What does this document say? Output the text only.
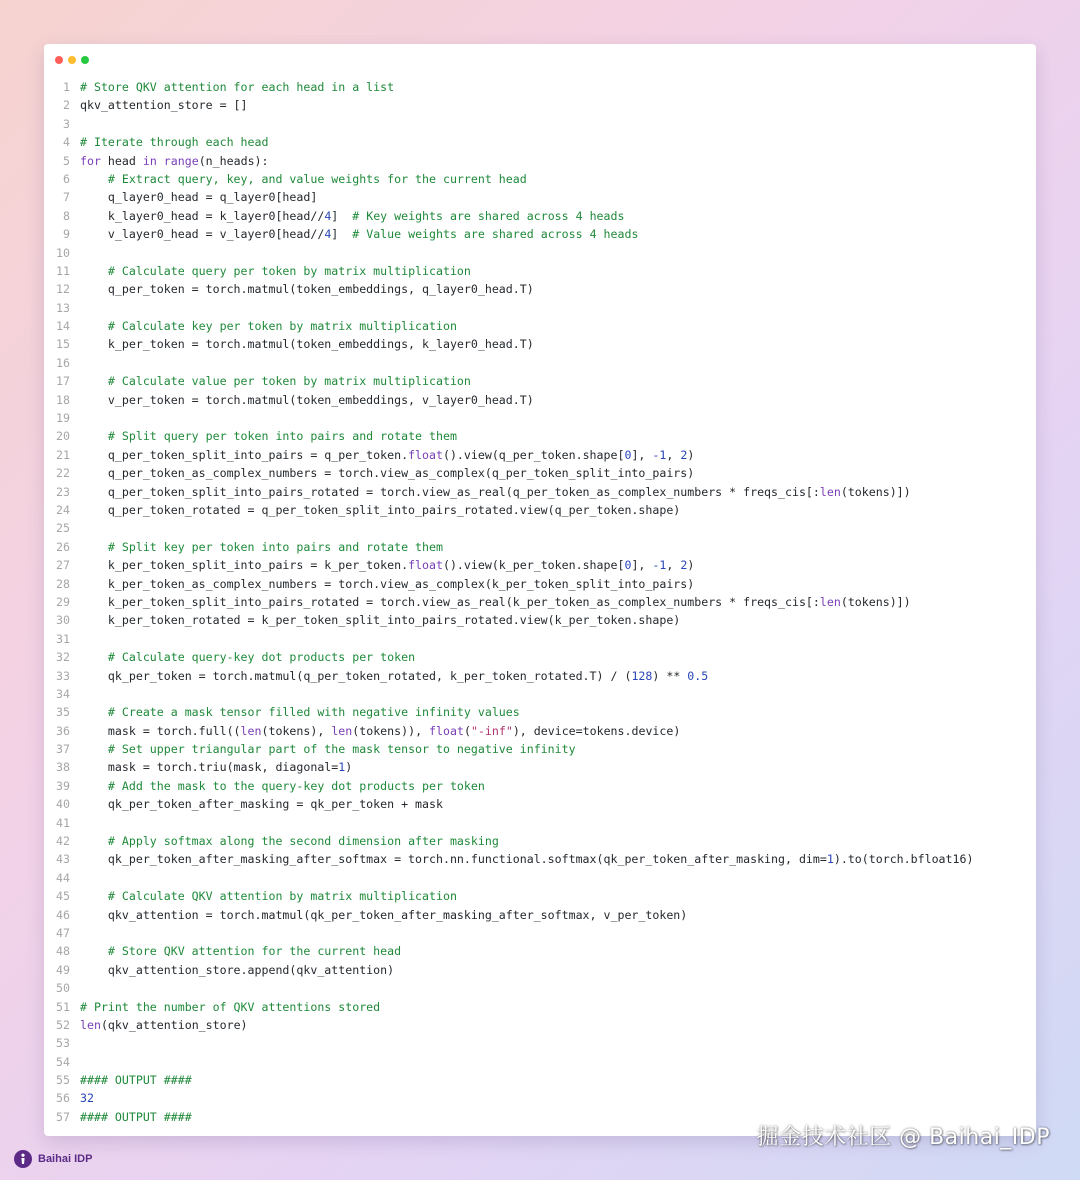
1 # Store QKV attention for each head in a list
2 qkv_attention_store = []
3
4 # Iterate through each head
5 for head in range(n_heads):
6	# Extract query, key, and value weights for the current head
7    q_layer0_head = q_layer0[head]
8    k_layer0_head = k_layer0[head//4]  # Key weights are shared across 4 heads
9    v_layer0_head = v_layer0[head//4]  # Value weights are shared across 4 heads
10
11	# Calculate query per token by matrix multiplication
12    q_per_token = torch.matmul(token_embeddings, q_layer0_head.T)
13
14	# Calculate key per token by matrix multiplication
15    k_per_token = torch.matmul(token_embeddings, k_layer0_head.T)
16
17	# Calculate value per token by matrix multiplication
18    v_per_token = torch.matmul(token_embeddings, v_layer0_head.T)
19
20	# Split query per token into pairs and rotate them
21    q_per_token_split_into_pairs = q_per_token.float().view(q_per_token.shape[0], -1, 2)
22    q_per_token_as_complex_numbers = torch.view_as_complex(q_per_token_split_into_pairs)
23    q_per_token_split_into_pairs_rotated = torch.view_as_real(q_per_token_as_complex_numbers * freqs_cis[:len(tokens)])
24    q_per_token_rotated = q_per_token_split_into_pairs_rotated.view(q_per_token.shape)
25
26	# Split key per token into pairs and rotate them
27    k_per_token_split_into_pairs = k_per_token.float().view(k_per_token.shape[0], -1, 2)
28    k_per_token_as_complex_numbers = torch.view_as_complex(k_per_token_split_into_pairs)
29    k_per_token_split_into_pairs_rotated = torch.view_as_real(k_per_token_as_complex_numbers * freqs_cis[:len(tokens)])
30    k_per_token_rotated = k_per_token_split_into_pairs_rotated.view(k_per_token.shape)
31
32	# Calculate query-key dot products per token
33    qk_per_token = torch.matmul(q_per_token_rotated, k_per_token_rotated.T) / (128) ** 0.5
34
35	# Create a mask tensor filled with negative infinity values
36    mask = torch.full((len(tokens), len(tokens)), float("-inf"), device=tokens.device)
37	# Set upper triangular part of the mask tensor to negative infinity
38    mask = torch.triu(mask, diagonal=1)
39	# Add the mask to the query-key dot products per token
40    qk_per_token_after_masking = qk_per_token + mask
41
42	# Apply softmax along the second dimension after masking
43    qk_per_token_after_masking_after_softmax = torch.nn.functional.softmax(qk_per_token_after_masking, dim=1).to(torch.bfloat16)
44
45	# Calculate QKV attention by matrix multiplication
46    qkv_attention = torch.matmul(qk_per_token_after_masking_after_softmax, v_per_token)
47
48	# Store QKV attention for the current head
49    qkv_attention_store.append(qkv_attention)
50
51 # Print the number of QKV attentions stored
52 len(qkv_attention_store)
53
54
55 #### OUTPUT ####
56 32
57 #### OUTPUT ####
掘金技术社区 @ Baihai_IDP
Baihai IDP
